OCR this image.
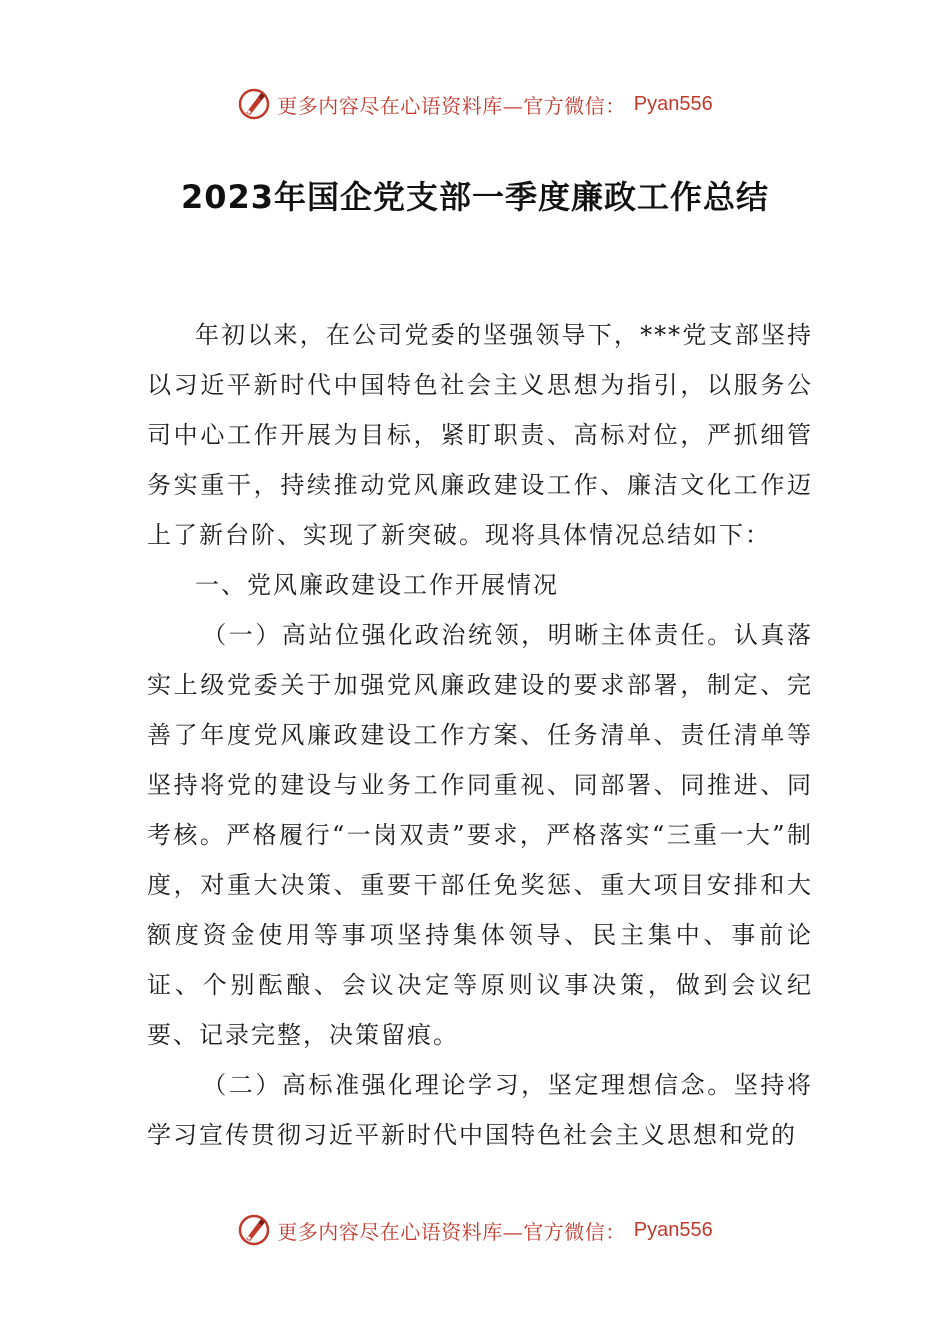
更多内容尽在心语资料库—官方微信： Pyan556
2023年国企党支部一季度廉政工作总结

年初以来，在公司党委的坚强领导下，***党支部坚持以习近平新时代中国特色社会主义思想为指引，以服务公司中心工作开展为目标，紧盯职责、高标对位，严抓细管务实重干，持续推动党风廉政建设工作、廉洁文化工作迈上了新台阶、实现了新突破。现将具体情况总结如下：

一、党风廉政建设工作开展情况

（一）高站位强化政治统领，明晰主体责任。认真落实上级党委关于加强党风廉政建设的要求部署，制定、完善了年度党风廉政建设工作方案、任务清单、责任清单等坚持将党的建设与业务工作同重视、同部署、同推进、同考核。严格履行“一岗双责”要求，严格落实“三重一大”制度，对重大决策、重要干部任免奖惩、重大项目安排和大额度资金使用等事项坚持集体领导、民主集中、事前论证、个别酝酿、会议决定等原则议事决策，做到会议纪要、记录完整，决策留痕。

（二）高标准强化理论学习，坚定理想信念。坚持将学习宣传贯彻习近平新时代中国特色社会主义思想和党的

更多内容尽在心语资料库—官方微信： Pyan556
